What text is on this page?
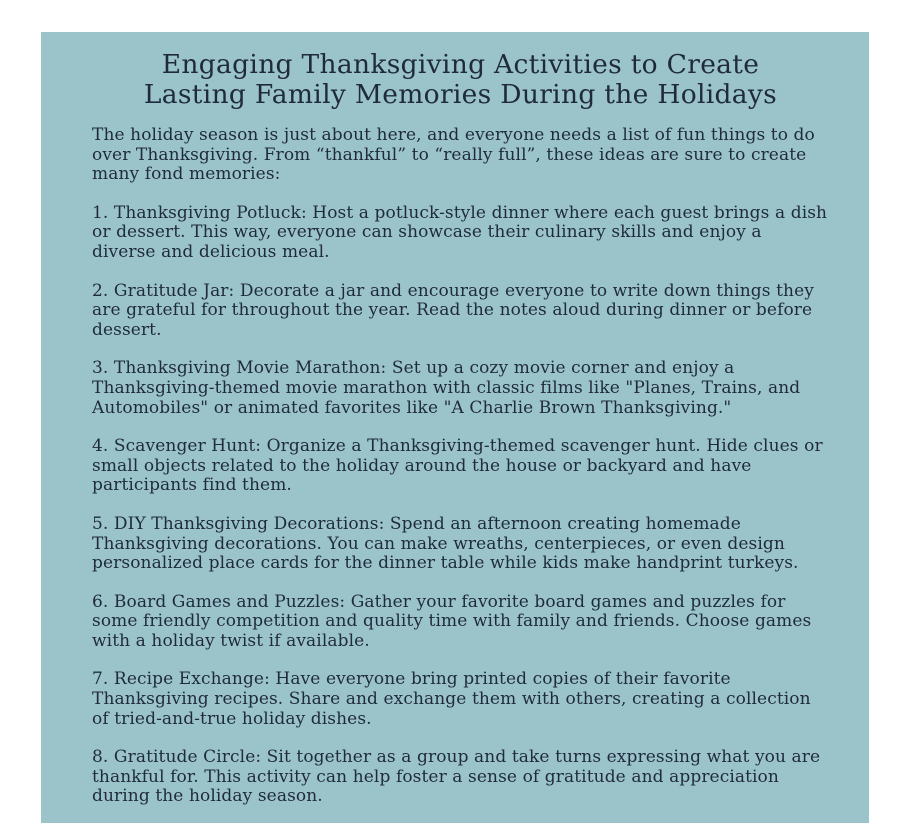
Engaging Thanksgiving Activities to Create
Lasting Family Memories During the Holidays

The holiday season is just about here, and everyone needs a list of fun things to do over Thanksgiving. From “thankful” to “really full”, these ideas are sure to create many fond memories:

1. Thanksgiving Potluck: Host a potluck-style dinner where each guest brings a dish or dessert. This way, everyone can showcase their culinary skills and enjoy a diverse and delicious meal.

2. Gratitude Jar: Decorate a jar and encourage everyone to write down things they are grateful for throughout the year. Read the notes aloud during dinner or before dessert.

3. Thanksgiving Movie Marathon: Set up a cozy movie corner and enjoy a Thanksgiving-themed movie marathon with classic films like "Planes, Trains, and Automobiles" or animated favorites like "A Charlie Brown Thanksgiving."

4. Scavenger Hunt: Organize a Thanksgiving-themed scavenger hunt. Hide clues or small objects related to the holiday around the house or backyard and have participants find them.

5. DIY Thanksgiving Decorations: Spend an afternoon creating homemade Thanksgiving decorations. You can make wreaths, centerpieces, or even design personalized place cards for the dinner table while kids make handprint turkeys.

6. Board Games and Puzzles: Gather your favorite board games and puzzles for some friendly competition and quality time with family and friends. Choose games with a holiday twist if available.

7. Recipe Exchange: Have everyone bring printed copies of their favorite Thanksgiving recipes. Share and exchange them with others, creating a collection of tried-and-true holiday dishes.

8. Gratitude Circle: Sit together as a group and take turns expressing what you are thankful for. This activity can help foster a sense of gratitude and appreciation during the holiday season.
